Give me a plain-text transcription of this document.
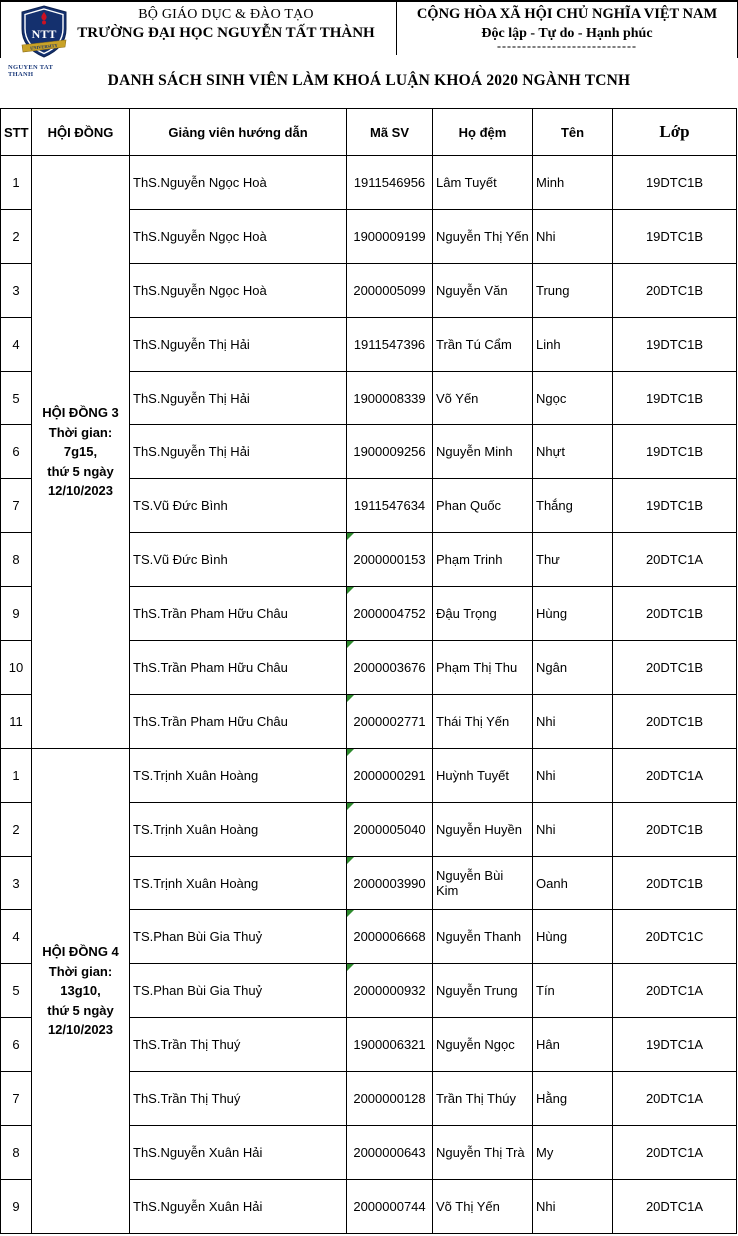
NTT
UNIVERSITY
NGUYEN TAT THANH
BỘ GIÁO DỤC & ĐÀO TẠO
TRƯỜNG ĐẠI HỌC NGUYỄN TẤT THÀNH
CỘNG HÒA XÃ HỘI CHỦ NGHĨA VIỆT NAM
Độc lập - Tự do - Hạnh phúc
----------------------------
DANH SÁCH SINH VIÊN LÀM KHOÁ LUẬN KHOÁ 2020 NGÀNH TCNH
STT	HỘI ĐỒNG	Giảng viên hướng dẫn	Mã SV	Họ đệm	Tên	Lớp
1	HỘI ĐỒNG 3
Thời gian:
7g15,
thứ 5 ngày
12/10/2023	ThS.Nguyễn Ngọc Hoà	1911546956	Lâm Tuyết	Minh	19DTC1B
2		ThS.Nguyễn Ngọc Hoà	1900009199	Nguyễn Thị Yến	Nhi	19DTC1B
3		ThS.Nguyễn Ngọc Hoà	2000005099	Nguyễn Văn	Trung	20DTC1B
4		ThS.Nguyễn Thị Hải	1911547396	Trần Tú Cẩm	Linh	19DTC1B
5		ThS.Nguyễn Thị Hải	1900008339	Võ Yến	Ngọc	19DTC1B
6		ThS.Nguyễn Thị Hải	1900009256	Nguyễn Minh	Nhựt	19DTC1B
7		TS.Vũ Đức Bình	1911547634	Phan Quốc	Thắng	19DTC1B
8		TS.Vũ Đức Bình	2000000153	Phạm Trinh	Thư	20DTC1A
9		ThS.Trần Pham Hữu Châu	2000004752	Đậu Trọng	Hùng	20DTC1B
10		ThS.Trần Pham Hữu Châu	2000003676	Phạm Thị Thu	Ngân	20DTC1B
11		ThS.Trần Pham Hữu Châu	2000002771	Thái Thị Yến	Nhi	20DTC1B
1	HỘI ĐỒNG 4
Thời gian:
13g10,
thứ 5 ngày
12/10/2023	TS.Trịnh Xuân Hoàng	2000000291	Huỳnh Tuyết	Nhi	20DTC1A
2		TS.Trịnh Xuân Hoàng	2000005040	Nguyễn Huyền	Nhi	20DTC1B
3		TS.Trịnh Xuân Hoàng	2000003990	Nguyễn Bùi Kim	Oanh	20DTC1B
4		TS.Phan Bùi Gia Thuỷ	2000006668	Nguyễn Thanh	Hùng	20DTC1C
5		TS.Phan Bùi Gia Thuỷ	2000000932	Nguyễn Trung	Tín	20DTC1A
6		ThS.Trần Thị Thuý	1900006321	Nguyễn Ngọc	Hân	19DTC1A
7		ThS.Trần Thị Thuý	2000000128	Trần Thị Thúy	Hằng	20DTC1A
8		ThS.Nguyễn Xuân Hải	2000000643	Nguyễn Thị Trà	My	20DTC1A
9		ThS.Nguyễn Xuân Hải	2000000744	Võ Thị Yến	Nhi	20DTC1A
